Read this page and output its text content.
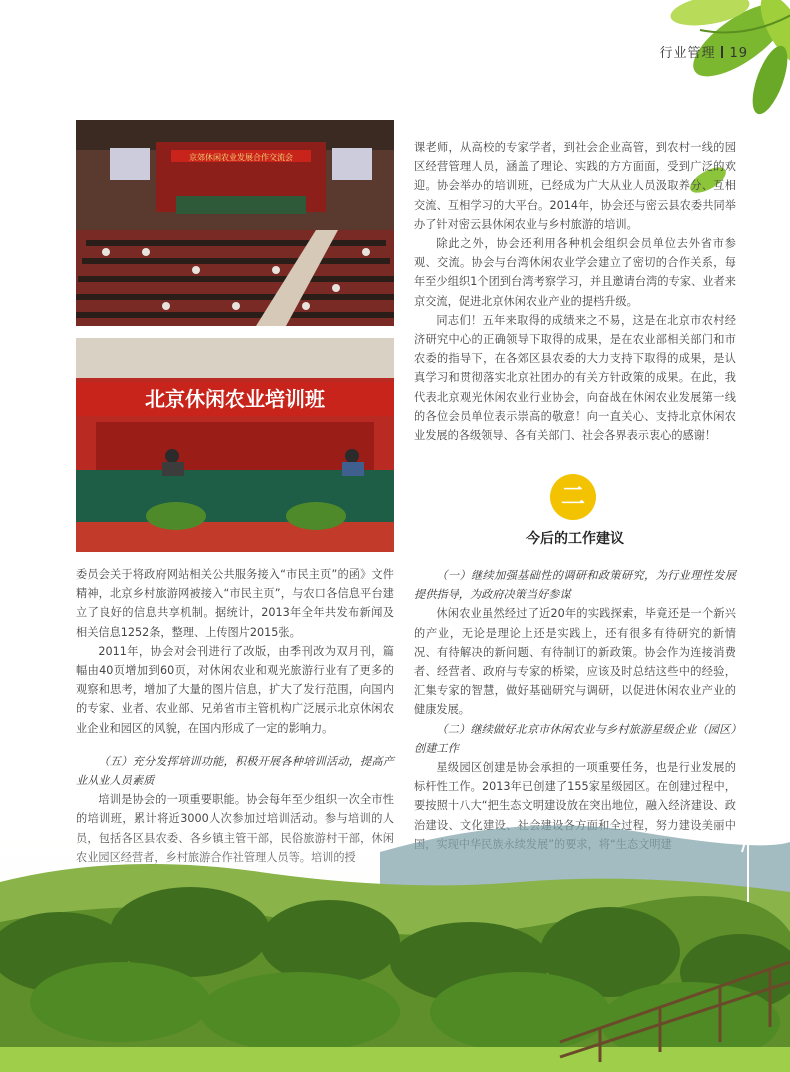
行业管理 19
京郊休闲农业发展合作交流会
北京休闲农业培训班

课老师，从高校的专家学者，到社会企业高管，到农村一线的园区经营管理人员，涵盖了理论、实践的方方面面，受到广泛的欢迎。协会举办的培训班，已经成为广大从业人员汲取养分、互相交流、互相学习的大平台。2014年，协会还与密云县农委共同举办了针对密云县休闲农业与乡村旅游的培训。

除此之外，协会还利用各种机会组织会员单位去外省市参观、交流。协会与台湾休闲农业学会建立了密切的合作关系，每年至少组织1个团到台湾考察学习，并且邀请台湾的专家、业者来京交流，促进北京休闲农业产业的提档升级。

同志们！五年来取得的成绩来之不易，这是在北京市农村经济研究中心的正确领导下取得的成果，是在农业部相关部门和市农委的指导下，在各郊区县农委的大力支持下取得的成果，是认真学习和贯彻落实北京社团办的有关方针政策的成果。在此，我代表北京观光休闲农业行业协会，向奋战在休闲农业发展第一线的各位会员单位表示崇高的敬意！向一直关心、支持北京休闲农业发展的各级领导、各有关部门、社会各界表示衷心的感谢！

二
今后的工作建议

（一）继续加强基础性的调研和政策研究，为行业理性发展提供指导，为政府决策当好参谋

休闲农业虽然经过了近20年的实践探索，毕竟还是一个新兴的产业，无论是理论上还是实践上，还有很多有待研究的新情况、有待解决的新问题、有待制订的新政策。协会作为连接消费者、经营者、政府与专家的桥梁，应该及时总结这些中的经验，汇集专家的智慧，做好基础研究与调研，以促进休闲农业产业的健康发展。

（二）继续做好北京市休闲农业与乡村旅游星级企业（园区）创建工作

星级园区创建是协会承担的一项重要任务，也是行业发展的标杆性工作。2013年已创建了155家星级园区。在创建过程中，要按照十八大“把生态文明建设放在突出地位，融入经济建设、政

委员会关于将政府网站相关公共服务接入“市民主页”的函》文件精神，北京乡村旅游网被接入“市民主页”，与农口各信息平台建立了良好的信息共享机制。据统计，2013年全年共发布新闻及相关信息1252条，整理、上传图片2015张。

2011年，协会对会刊进行了改版，由季刊改为双月刊，篇幅由40页增加到60页，对休闲农业和观光旅游行业有了更多的观察和思考，增加了大量的图片信息，扩大了发行范围，向国内的专家、业者、农业部、兄弟省市主管机构广泛展示北京休闲农业企业和园区的风貌，在国内形成了一定的影响力。

（五）充分发挥培训功能，积极开展各种培训活动，提高产业从业人员素质

培训是协会的一项重要职能。协会每年至少组织一次全市性
